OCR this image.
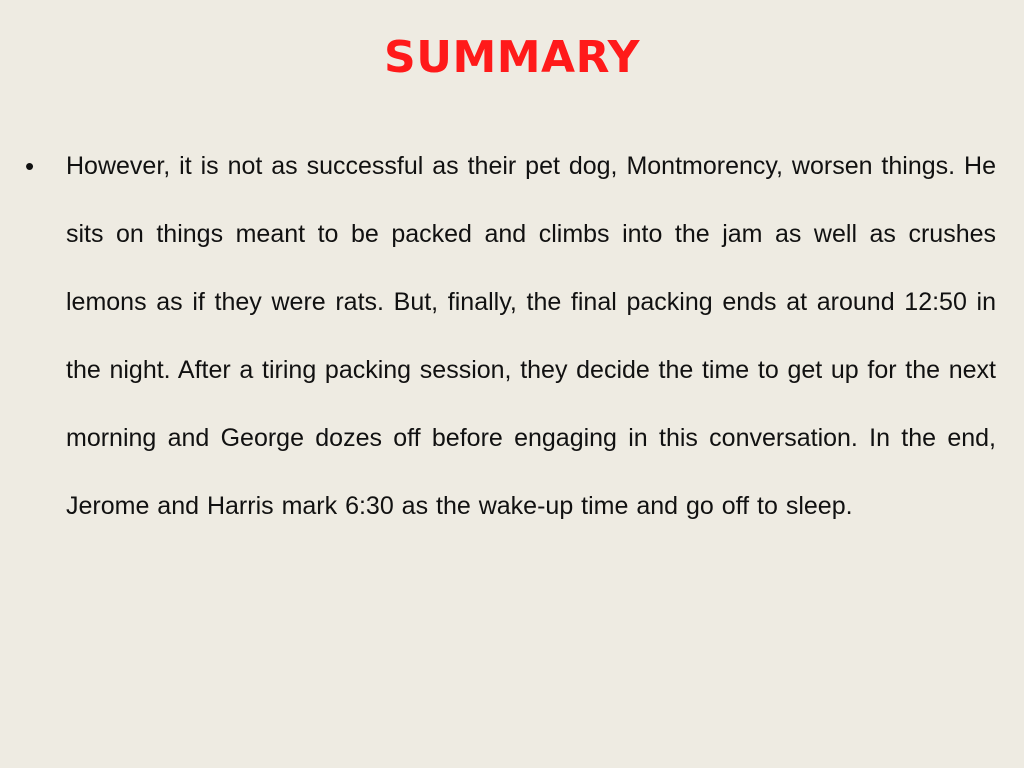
SUMMARY
• However, it is not as successful as their pet dog, Montmorency, worsen things. He sits on things meant to be packed and climbs into the jam as well as crushes lemons as if they were rats. But, finally, the final packing ends at around 12:50 in the night. After a tiring packing session, they decide the time to get up for the next morning and George dozes off before engaging in this conversation. In the end, Jerome and Harris mark 6:30 as the wake-up time and go off to sleep.
